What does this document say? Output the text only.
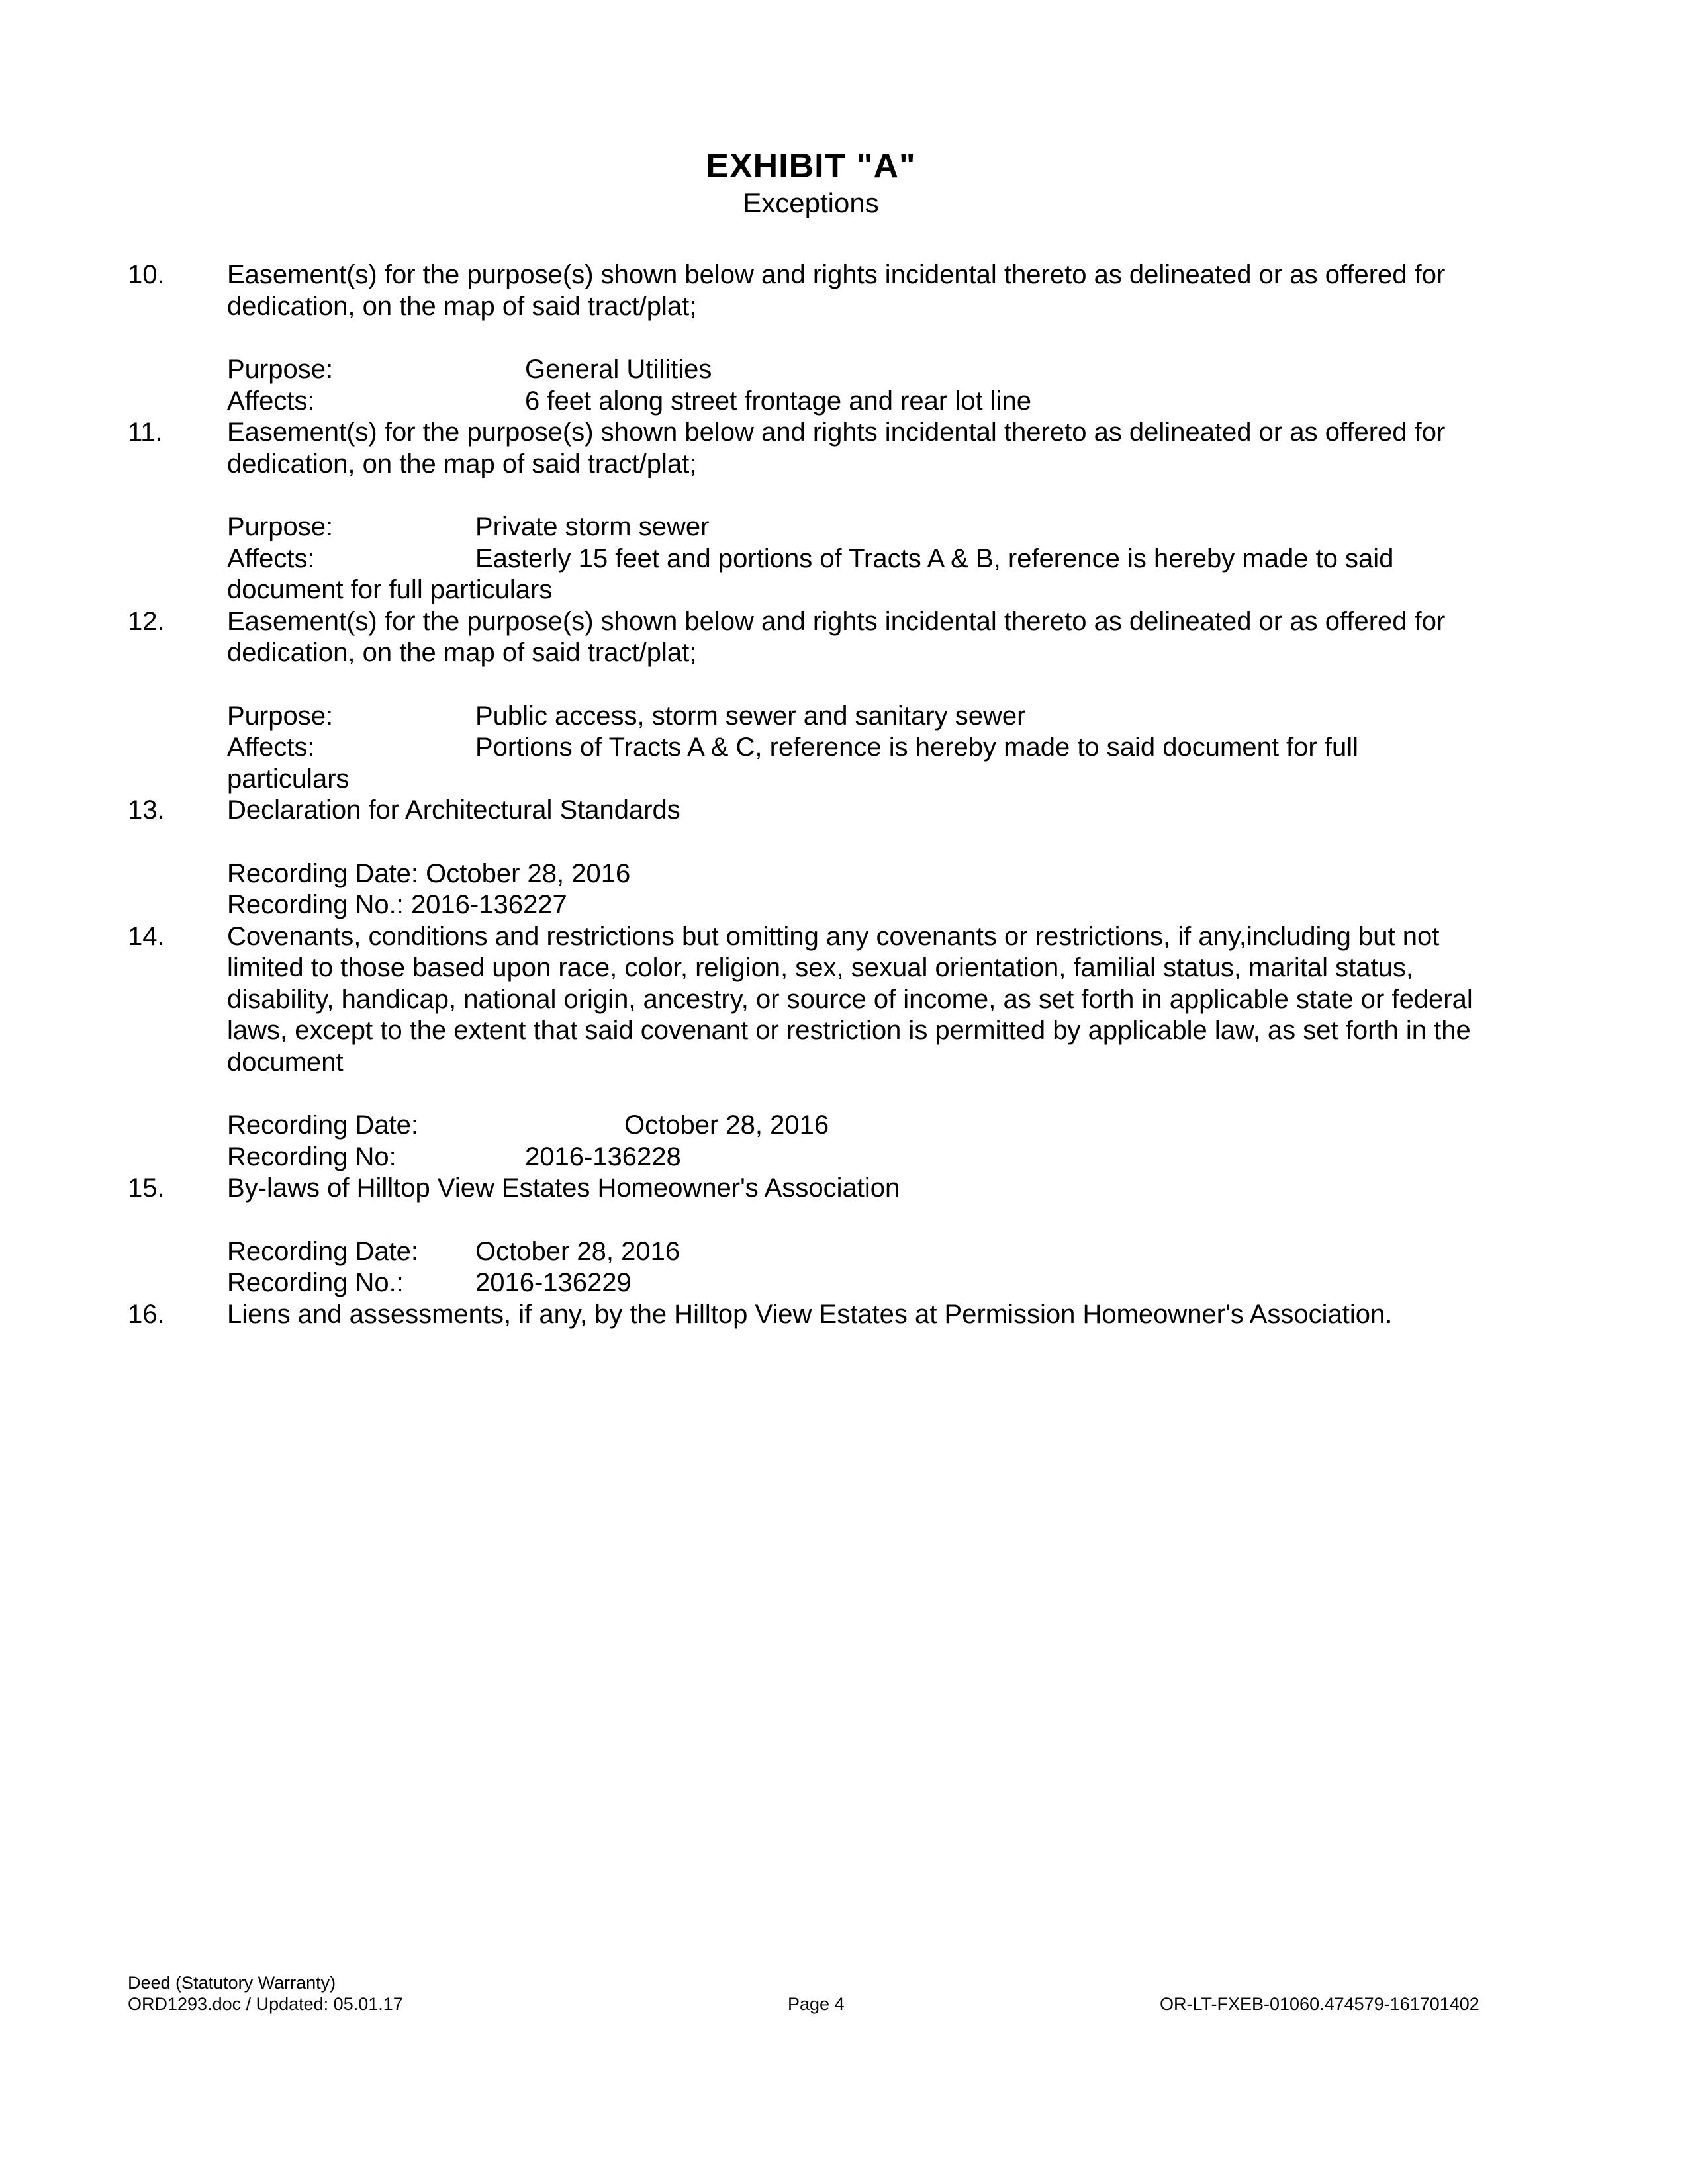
EXHIBIT "A"
Exceptions
10. Easement(s) for the purpose(s) shown below and rights incidental thereto as delineated or as offered for dedication, on the map of said tract/plat;
Purpose:	General Utilities
Affects:	6 feet along street frontage and rear lot line
11. Easement(s) for the purpose(s) shown below and rights incidental thereto as delineated or as offered for dedication, on the map of said tract/plat;
Purpose:	Private storm sewer
Affects:	Easterly 15 feet and portions of Tracts A & B, reference is hereby made to said
document for full particulars
12. Easement(s) for the purpose(s) shown below and rights incidental thereto as delineated or as offered for dedication, on the map of said tract/plat;
Purpose:	Public access, storm sewer and sanitary sewer
Affects:	Portions of Tracts A & C, reference is hereby made to said document for full
particulars
13. Declaration for Architectural Standards
Recording Date: October 28, 2016
Recording No.: 2016-136227
14. Covenants, conditions and restrictions but omitting any covenants or restrictions, if any,including but not limited to those based upon race, color, religion, sex, sexual orientation, familial status, marital status, disability, handicap, national origin, ancestry, or source of income, as set forth in applicable state or federal laws, except to the extent that said covenant or restriction is permitted by applicable law, as set forth in the document
Recording Date:	October 28, 2016
Recording No:	2016-136228
15. By-laws of Hilltop View Estates Homeowner's Association
Recording Date: October 28, 2016
Recording No.:	2016-136229
16. Liens and assessments, if any, by the Hilltop View Estates at Permission Homeowner's Association.
Deed (Statutory Warranty)
ORD1293.doc / Updated: 05.01.17	Page 4	OR-LT-FXEB-01060.474579-161701402
